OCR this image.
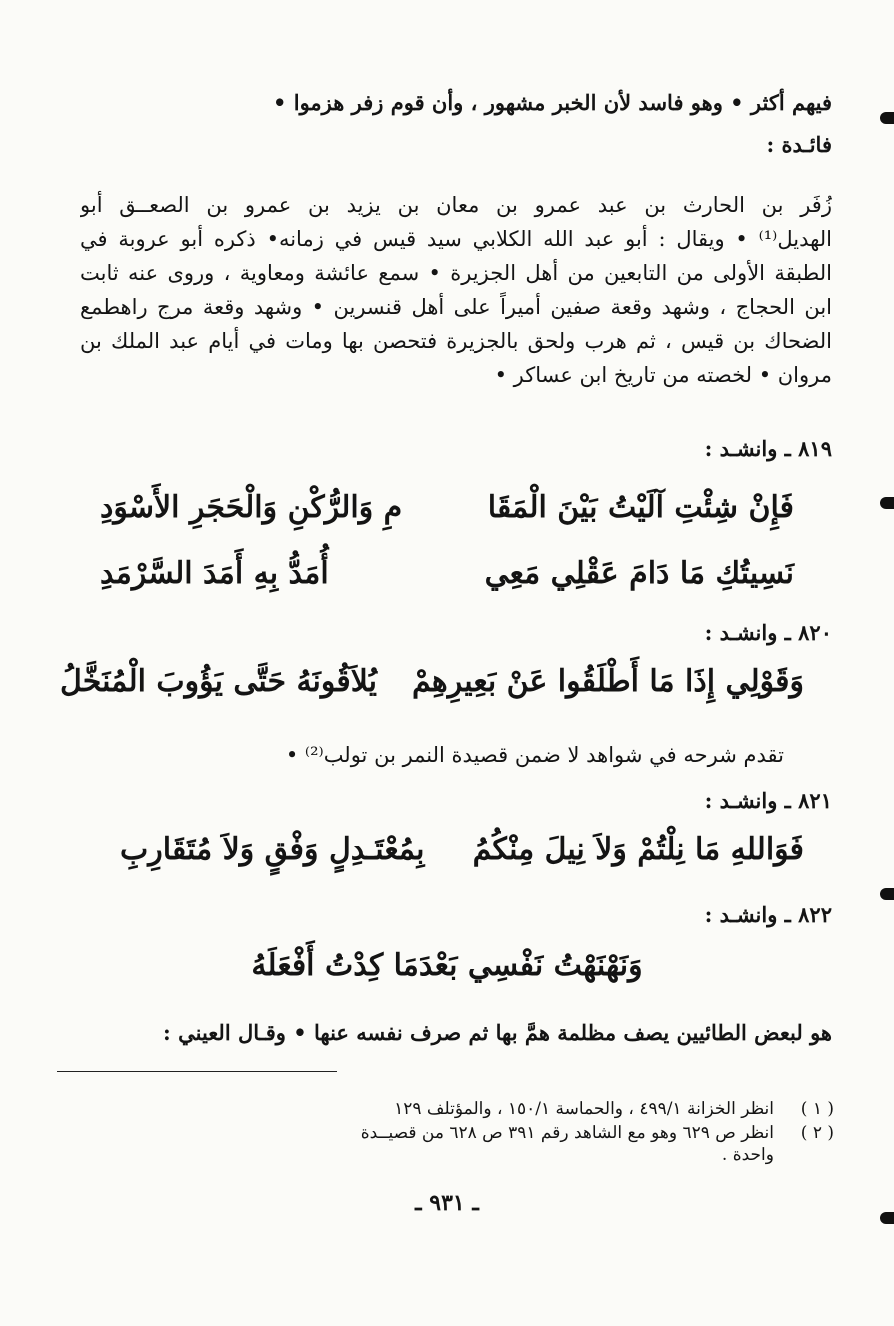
فيهم أكثر • وهو فاسد لأن الخبر مشهور ، وأن قوم زفر هزموا •
فائـدة :
زُفَر بن الحارث بن عبد عمرو بن معان بن يزيد بن عمرو بن الصعــق أبو
الهديل⁽¹⁾ • ويقال : أبو عبد الله الكلابي سيد قيس في زمانه• ذكره أبو عروبة في
الطبقة الأولى من التابعين من أهل الجزيرة • سمع عائشة ومعاوية ، وروى عنه ثابت
ابن الحجاج ، وشهد وقعة صفين أميراً على أهل قنسرين • وشهد وقعة مرج راهطمع
الضحاك بن قيس ، ثم هرب ولحق بالجزيرة فتحصن بها ومات في أيام عبد الملك بن
مروان • لخصته من تاريخ ابن عساكر •
٨١٩ ـ وانشـد :
فَإِنْ شِئْتِ آلَيْتُ بَيْنَ الْمَقَا
مِ وَالرُّكْنِ وَالْحَجَرِ الأَسْوَدِ
نَسِيتُكِ مَا دَامَ عَقْلِي مَعِي
أُمَدُّ بِهِ أَمَدَ السَّرْمَدِ
٨٢٠ ـ وانشـد :
وَقَوْلِي إِذَا مَا أَطْلَقُوا عَنْ بَعِيرِهِمْ
يُلاَقُونَهُ حَتَّى يَؤُوبَ الْمُنَخَّلُ
تقدم شرحه في شواهد لا ضمن قصيدة النمر بن تولب⁽²⁾ •
٨٢١ ـ وانشـد :
فَوَاللهِ مَا نِلْتُمْ وَلاَ نِيلَ مِنْكُمُ
بِمُعْتَـدِلٍ وَفْقٍ وَلاَ مُتَقَارِبِ
٨٢٢ ـ وانشـد :
وَنَهْنَهْتُ نَفْسِي بَعْدَمَا كِدْتُ أَفْعَلَهُ
هو لبعض الطائيين يصف مظلمة همَّ بها ثم صرف نفسه عنها • وقـال العيني :
( ١ )
انظر الخزانة ٤٩٩/١ ، والحماسة ١٥٠/١ ، والمؤتلف ١٢٩
( ٢ )
انظر ص ٦٢٩ وهو مع الشاهد رقم ٣٩١ ص ٦٢٨ من قصيــدة
واحدة .
ـ ٩٣١ ـ
